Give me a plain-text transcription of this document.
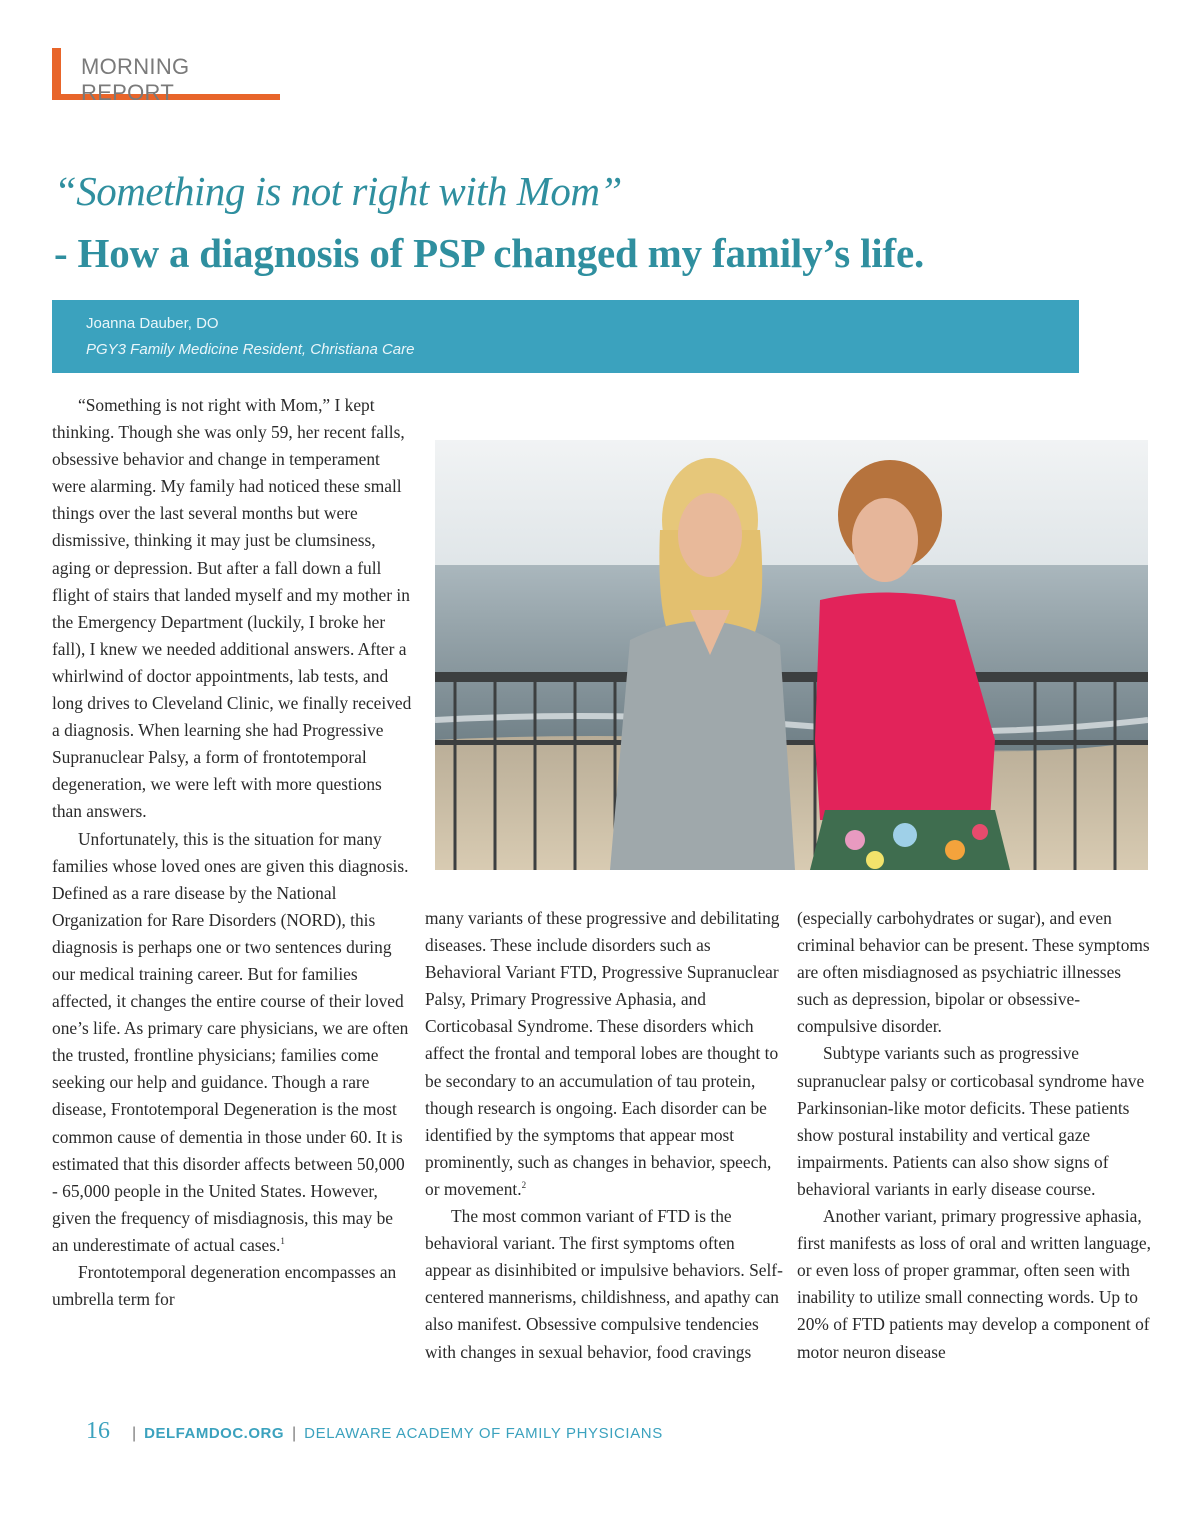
MORNING REPORT
“Something is not right with Mom”
- How a diagnosis of PSP changed my family’s life.
Joanna Dauber, DO
PGY3 Family Medicine Resident, Christiana Care

“Something is not right with Mom,” I kept thinking. Though she was only 59, her recent falls, obsessive behavior and change in temperament were alarming. My family had noticed these small things over the last several months but were dismissive, thinking it may just be clumsiness, aging or depression. But after a fall down a full flight of stairs that landed myself and my mother in the Emergency Department (luckily, I broke her fall), I knew we needed additional answers. After a whirlwind of doctor appointments, lab tests, and long drives to Cleveland Clinic, we finally received a diagnosis. When learning she had Progressive Supranuclear Palsy, a form of frontotemporal degeneration, we were left with more questions than answers.

Unfortunately, this is the situation for many families whose loved ones are given this diagnosis. Defined as a rare disease by the National Organization for Rare Disorders (NORD), this diagnosis is perhaps one or two sentences during our medical training career. But for families affected, it changes the entire course of their loved one’s life. As primary care physicians, we are often the trusted, frontline physicians; families come seeking our help and guidance. Though a rare disease, Frontotemporal Degeneration is the most common cause of dementia in those under 60. It is estimated that this disorder affects between 50,000 - 65,000 people in the United States. However, given the frequency of misdiagnosis, this may be an underestimate of actual cases.$^1$

Frontotemporal degeneration encompasses an umbrella term for

many variants of these progressive and debilitating diseases. These include disorders such as Behavioral Variant FTD, Progressive Supranuclear Palsy, Primary Progressive Aphasia, and Corticobasal Syndrome. These disorders which affect the frontal and temporal lobes are thought to be secondary to an accumulation of tau protein, though research is ongoing. Each disorder can be identified by the symptoms that appear most prominently, such as changes in behavior, speech, or movement.$^2$

The most common variant of FTD is the behavioral variant. The first symptoms often appear as disinhibited or impulsive behaviors. Self-centered mannerisms, childishness, and apathy can also manifest. Obsessive compulsive tendencies with changes in sexual behavior, food cravings

(especially carbohydrates or sugar), and even criminal behavior can be present. These symptoms are often misdiagnosed as psychiatric illnesses such as depression, bipolar or obsessive-compulsive disorder.

Subtype variants such as progressive supranuclear palsy or corticobasal syndrome have Parkinsonian-like motor deficits. These patients show postural instability and vertical gaze impairments. Patients can also show signs of behavioral variants in early disease course.

Another variant, primary progressive aphasia, first manifests as loss of oral and written language, or even loss of proper grammar, often seen with inability to utilize small connecting words. Up to 20% of FTD patients may develop a component of motor neuron disease

16 | DELFAMDOC.ORG | DELAWARE ACADEMY OF FAMILY PHYSICIANS
